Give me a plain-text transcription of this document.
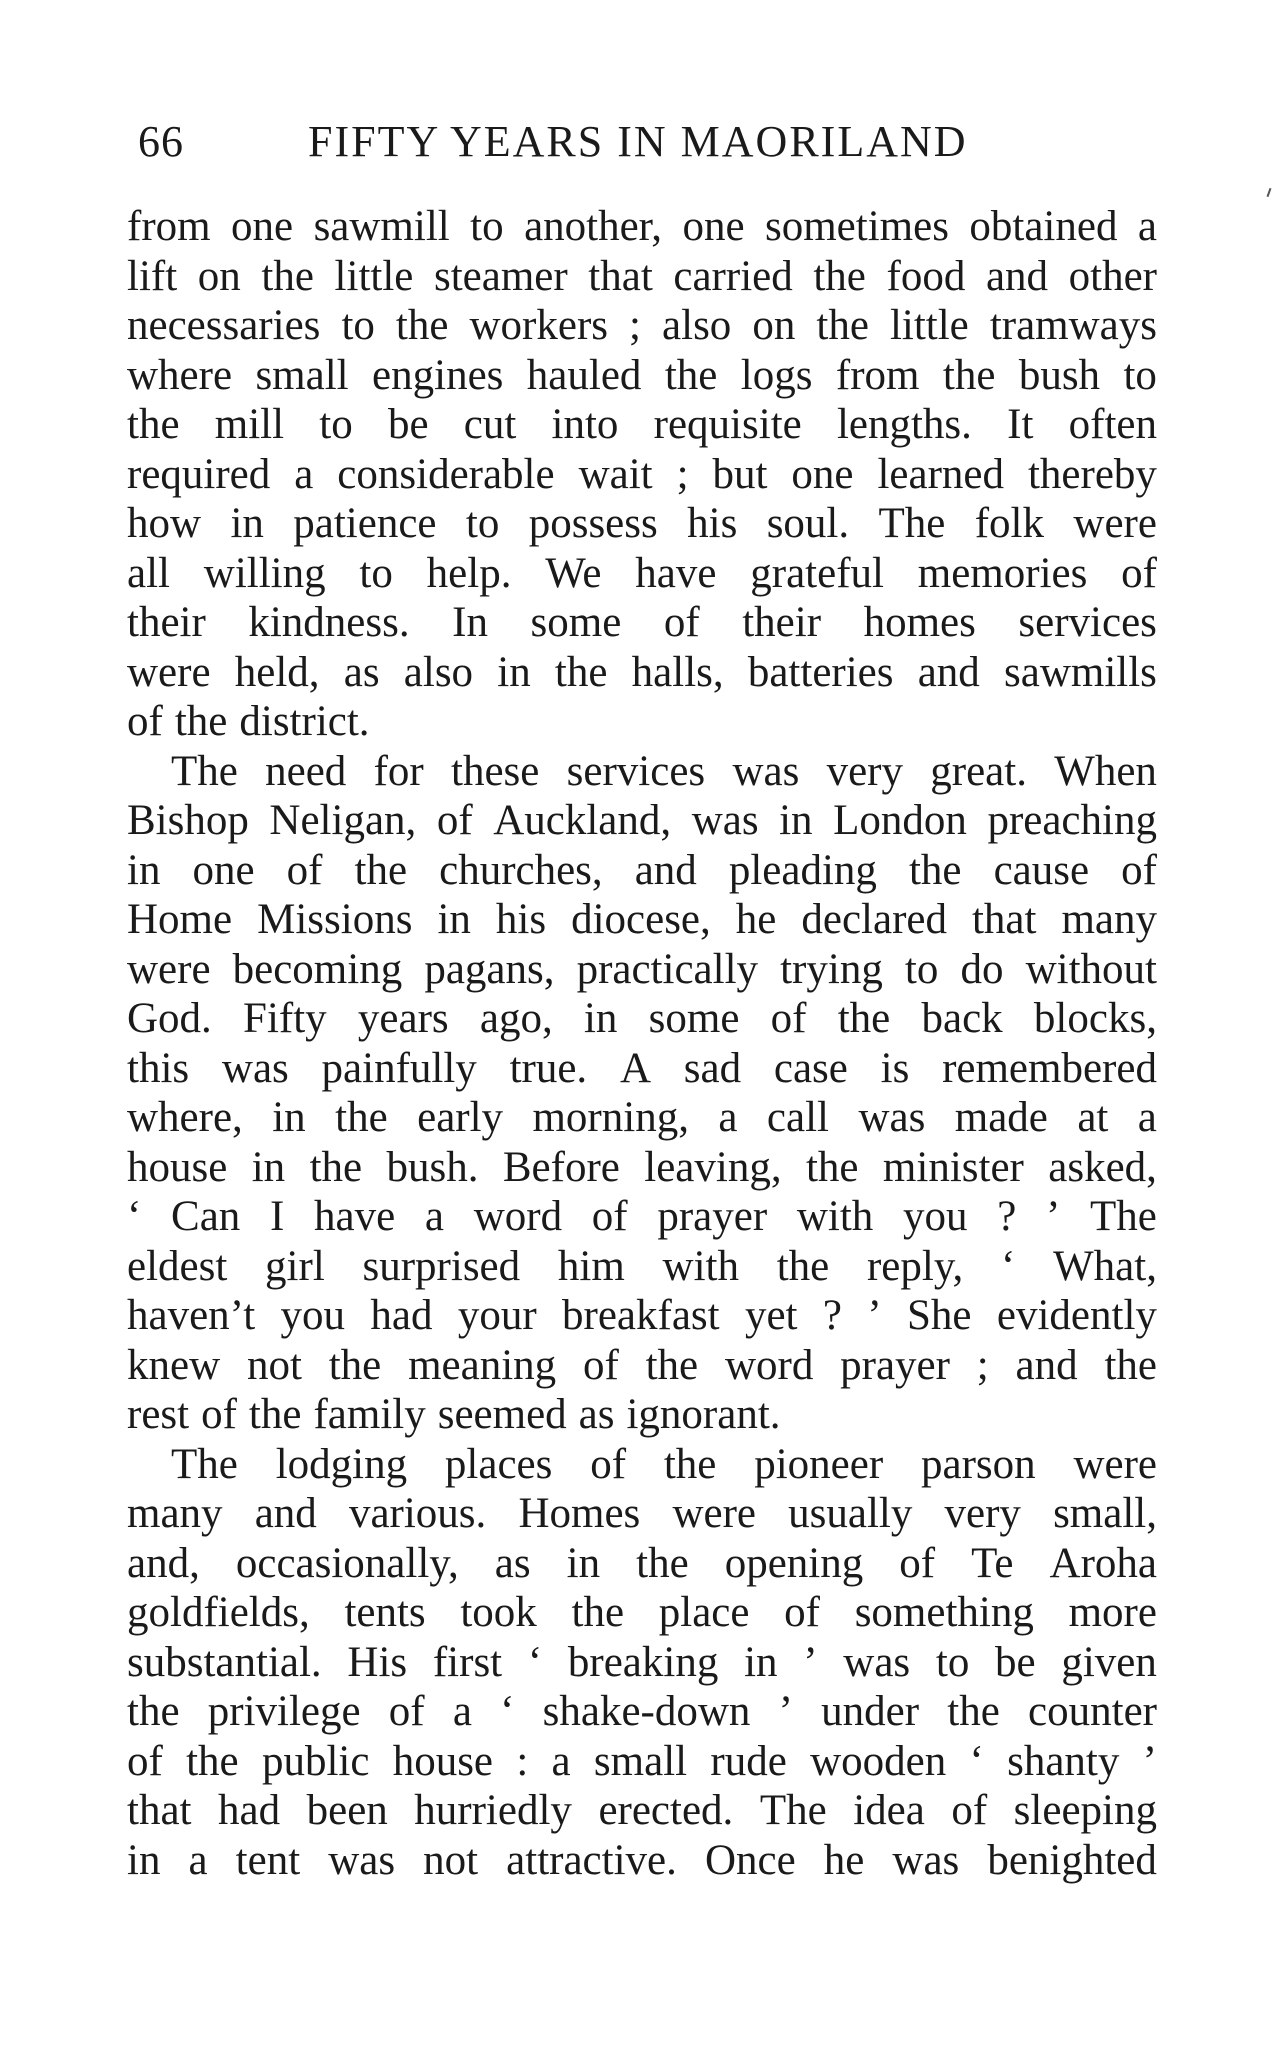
66	FIFTY YEARS IN MAORILAND
from one sawmill to another, one sometimes obtained a
lift on the little steamer that carried the food and other
necessaries to the workers ; also on the little tramways
where small engines hauled the logs from the bush to
the mill to be cut into requisite lengths. It often
required a considerable wait ; but one learned thereby
how in patience to possess his soul. The folk were
all willing to help. We have grateful memories of
their kindness. In some of their homes services
were held, as also in the halls, batteries and sawmills
of the district.
The need for these services was very great. When
Bishop Neligan, of Auckland, was in London preaching
in one of the churches, and pleading the cause of
Home Missions in his diocese, he declared that many
were becoming pagans, practically trying to do without
God. Fifty years ago, in some of the back blocks,
this was painfully true. A sad case is remembered
where, in the early morning, a call was made at a
house in the bush. Before leaving, the minister asked,
‘ Can I have a word of prayer with you ? ’ The
eldest girl surprised him with the reply, ‘ What,
haven’t you had your breakfast yet ? ’ She evidently
knew not the meaning of the word prayer ; and the
rest of the family seemed as ignorant.
The lodging places of the pioneer parson were
many and various. Homes were usually very small,
and, occasionally, as in the opening of Te Aroha
goldfields, tents took the place of something more
substantial. His first ‘ breaking in ’ was to be given
the privilege of a ‘ shake-down ’ under the counter
of the public house : a small rude wooden ‘ shanty ’
that had been hurriedly erected. The idea of sleeping
in a tent was not attractive. Once he was benighted
